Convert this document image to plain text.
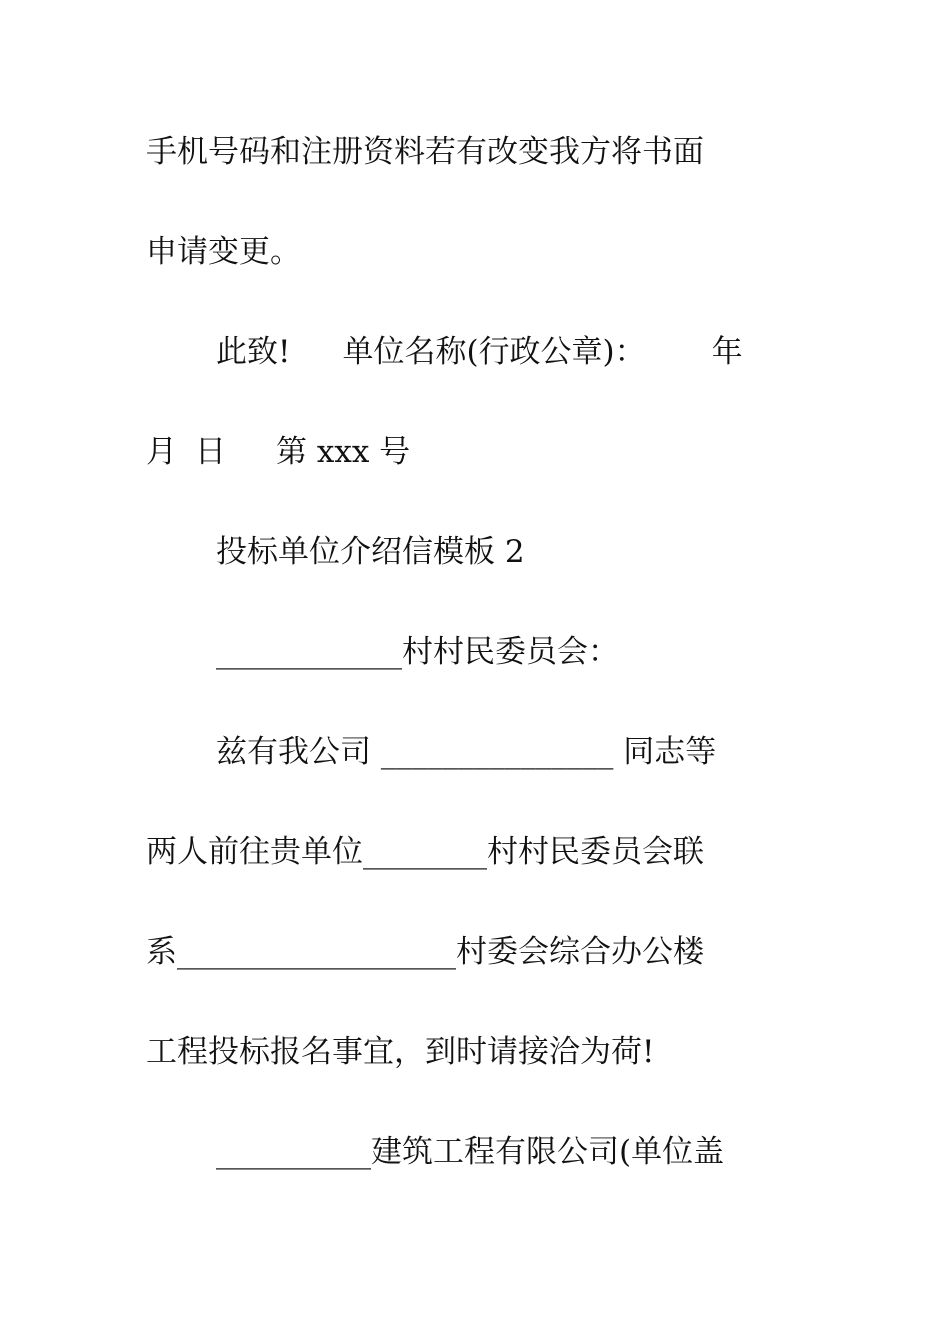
手机号码和注册资料若有改变我方将书面
申请变更。
此致! 单位名称(行政公章)： 年
月 日 第 xxx 号
投标单位介绍信模板 2
____________村村民委员会：
兹有我公司 _______________ 同志等
两人前往贵单位________村村民委员会联
系__________________村委会综合办公楼
工程投标报名事宜，到时请接洽为荷!
__________建筑工程有限公司(单位盖
